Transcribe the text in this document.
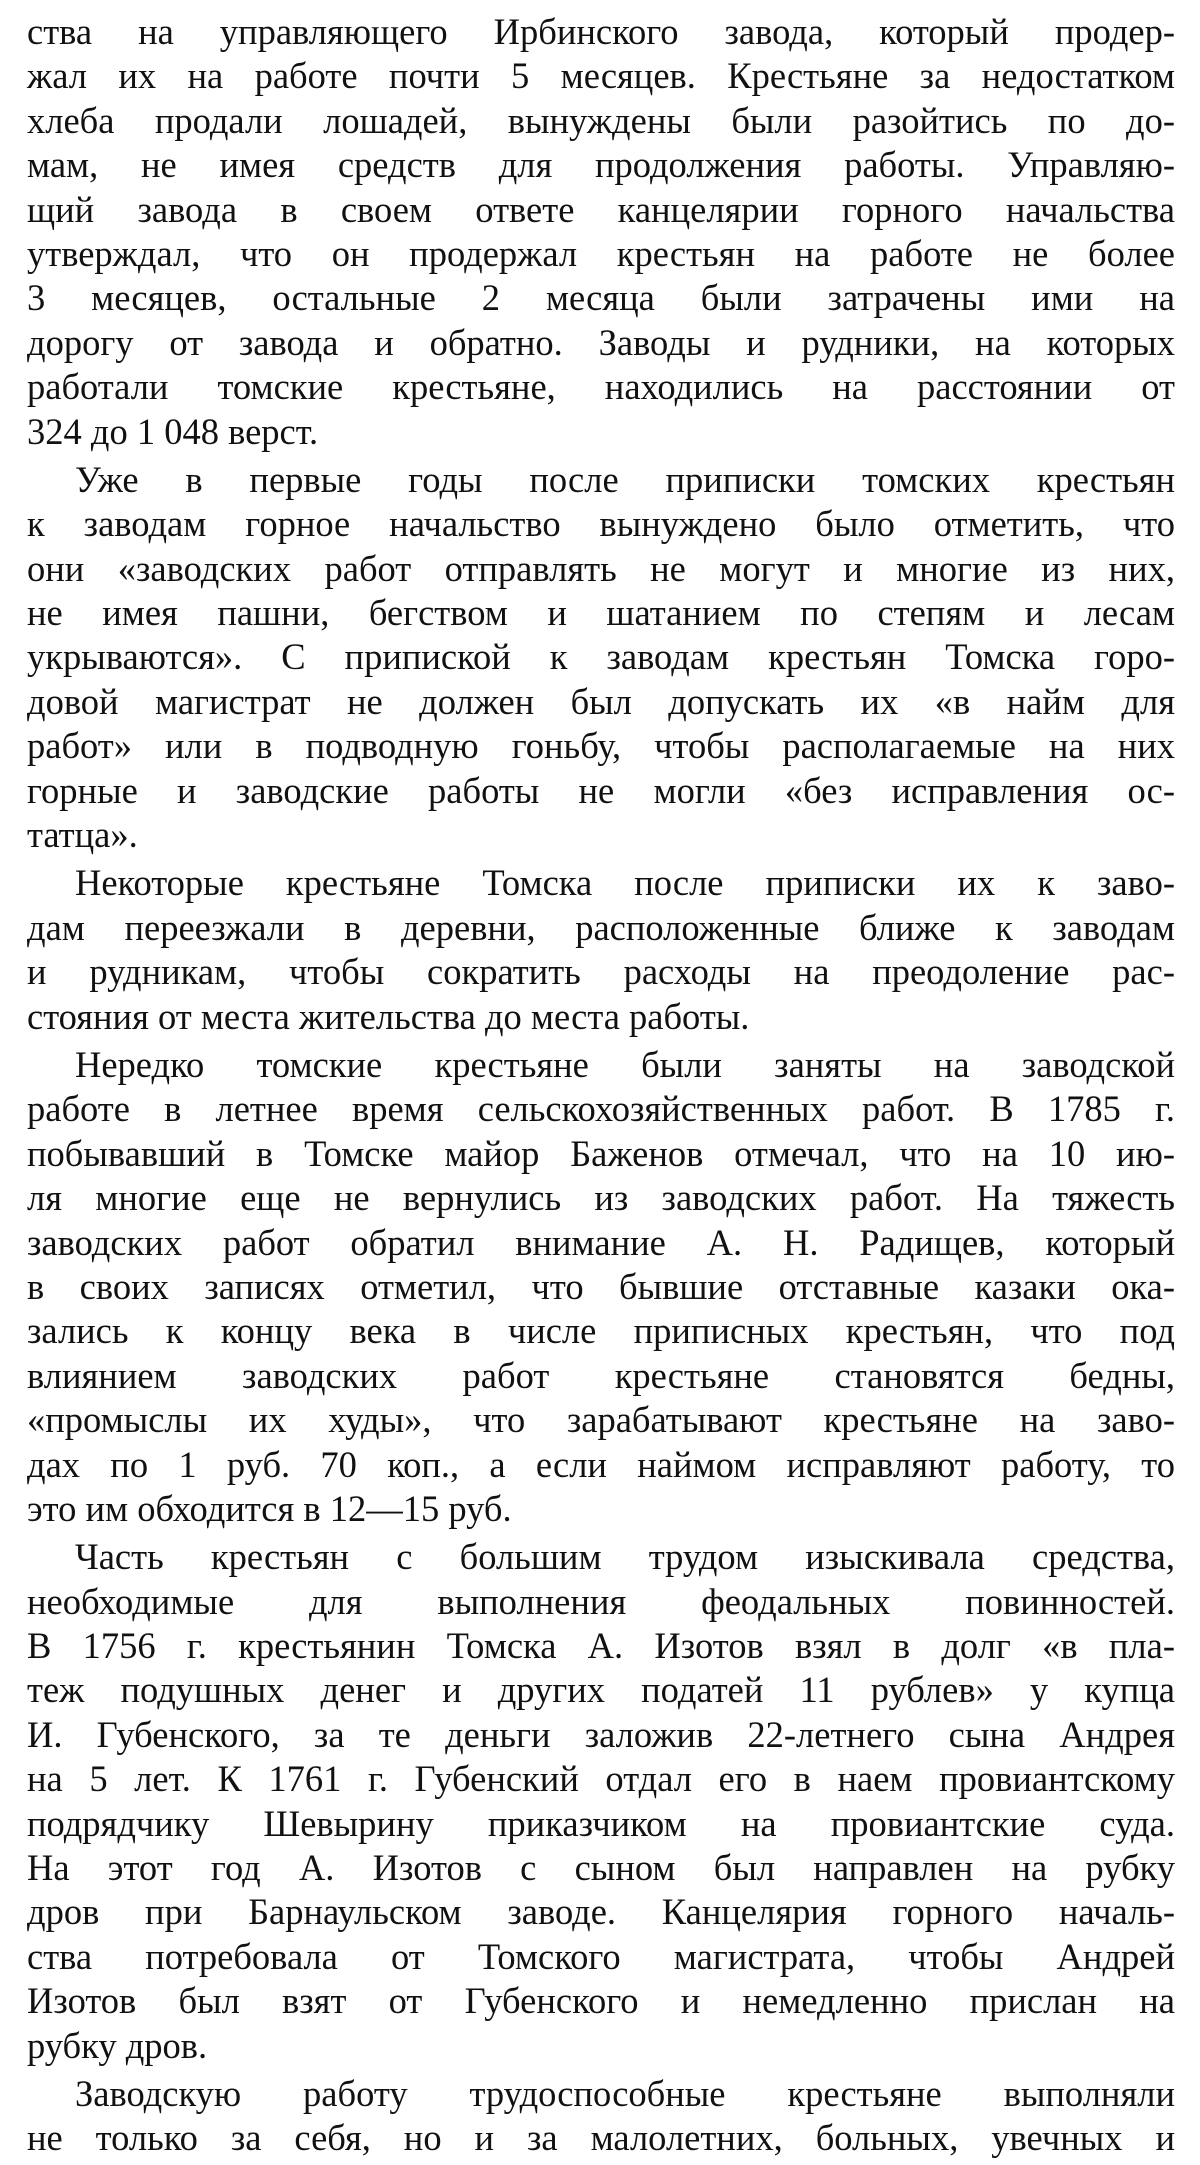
ства на управляющего Ирбинского завода, который продер-
жал их на работе почти 5 месяцев. Крестьяне за недостатком
хлеба продали лошадей, вынуждены были разойтись по до-
мам, не имея средств для продолжения работы. Управляю-
щий завода в своем ответе канцелярии горного начальства
утверждал, что он продержал крестьян на работе не более
3 месяцев, остальные 2 месяца были затрачены ими на
дорогу от завода и обратно. Заводы и рудники, на которых
работали томские крестьяне, находились на расстоянии от
324 до 1 048 верст.
Уже в первые годы после приписки томских крестьян
к заводам горное начальство вынуждено было отметить, что
они «заводских работ отправлять не могут и многие из них,
не имея пашни, бегством и шатанием по степям и лесам
укрываются». С припиской к заводам крестьян Томска горо-
довой магистрат не должен был допускать их «в найм для
работ» или в подводную гоньбу, чтобы располагаемые на них
горные и заводские работы не могли «без исправления ос-
татца».
Некоторые крестьяне Томска после приписки их к заво-
дам переезжали в деревни, расположенные ближе к заводам
и рудникам, чтобы сократить расходы на преодоление рас-
стояния от места жительства до места работы.
Нередко томские крестьяне были заняты на заводской
работе в летнее время сельскохозяйственных работ. В 1785 г.
побывавший в Томске майор Баженов отмечал, что на 10 ию-
ля многие еще не вернулись из заводских работ. На тяжесть
заводских работ обратил внимание А. Н. Радищев, который
в своих записях отметил, что бывшие отставные казаки ока-
зались к концу века в числе приписных крестьян, что под
влиянием заводских работ крестьяне становятся бедны,
«промыслы их худы», что зарабатывают крестьяне на заво-
дах по 1 руб. 70 коп., а если наймом исправляют работу, то
это им обходится в 12—15 руб.
Часть крестьян с большим трудом изыскивала средства,
необходимые для выполнения феодальных повинностей.
В 1756 г. крестьянин Томска А. Изотов взял в долг «в пла-
теж подушных денег и других податей 11 рублев» у купца
И. Губенского, за те деньги заложив 22-летнего сына Андрея
на 5 лет. К 1761 г. Губенский отдал его в наем провиантскому
подрядчику Шевырину приказчиком на провиантские суда.
На этот год А. Изотов с сыном был направлен на рубку
дров при Барнаульском заводе. Канцелярия горного началь-
ства потребовала от Томского магистрата, чтобы Андрей
Изотов был взят от Губенского и немедленно прислан на
рубку дров.
Заводскую работу трудоспособные крестьяне выполняли
не только за себя, но и за малолетних, больных, увечных и
